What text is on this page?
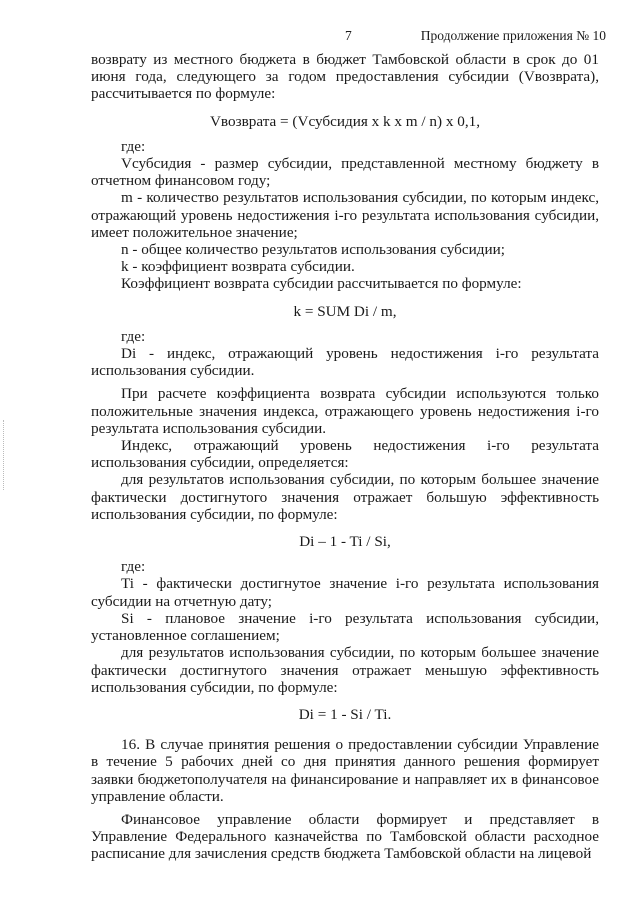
7	Продолжение приложения № 10

возврату из местного бюджета в бюджет Тамбовской области в срок до 01 июня года, следующего за годом предоставления субсидии (Vвозврата), рассчитывается по формуле:

Vвозврата = (Vсубсидия x k x m / n) x 0,1,

где:

Vсубсидия - размер субсидии, представленной местному бюджету в отчетном финансовом году;

m - количество результатов использования субсидии, по которым индекс, отражающий уровень недостижения i-го результата использования субсидии, имеет положительное значение;

n - общее количество результатов использования субсидии;

k - коэффициент возврата субсидии.

Коэффициент возврата субсидии рассчитывается по формуле:

k = SUM Di / m,

где:

Di - индекс, отражающий уровень недостижения i-го результата использования субсидии.

При расчете коэффициента возврата субсидии используются только положительные значения индекса, отражающего уровень недостижения i-го результата использования субсидии.

Индекс, отражающий уровень недостижения i-го результата использования субсидии, определяется:

для результатов использования субсидии, по которым большее значение фактически достигнутого значения отражает большую эффективность использования субсидии, по формуле:

Di – 1 - Ti / Si,

где:

Ti - фактически достигнутое значение i-го результата использования субсидии на отчетную дату;

Si - плановое значение i-го результата использования субсидии, установленное соглашением;

для результатов использования субсидии, по которым большее значение фактически достигнутого значения отражает меньшую эффективность использования субсидии, по формуле:

Di = 1 - Si / Ti.

16. В случае принятия решения о предоставлении субсидии Управление в течение 5 рабочих дней со дня принятия данного решения формирует заявки бюджетополучателя на финансирование и направляет их в финансовое управление области.

Финансовое управление области формирует и представляет в Управление Федерального казначейства по Тамбовской области расходное расписание для зачисления средств бюджета Тамбовской области на лицевой
